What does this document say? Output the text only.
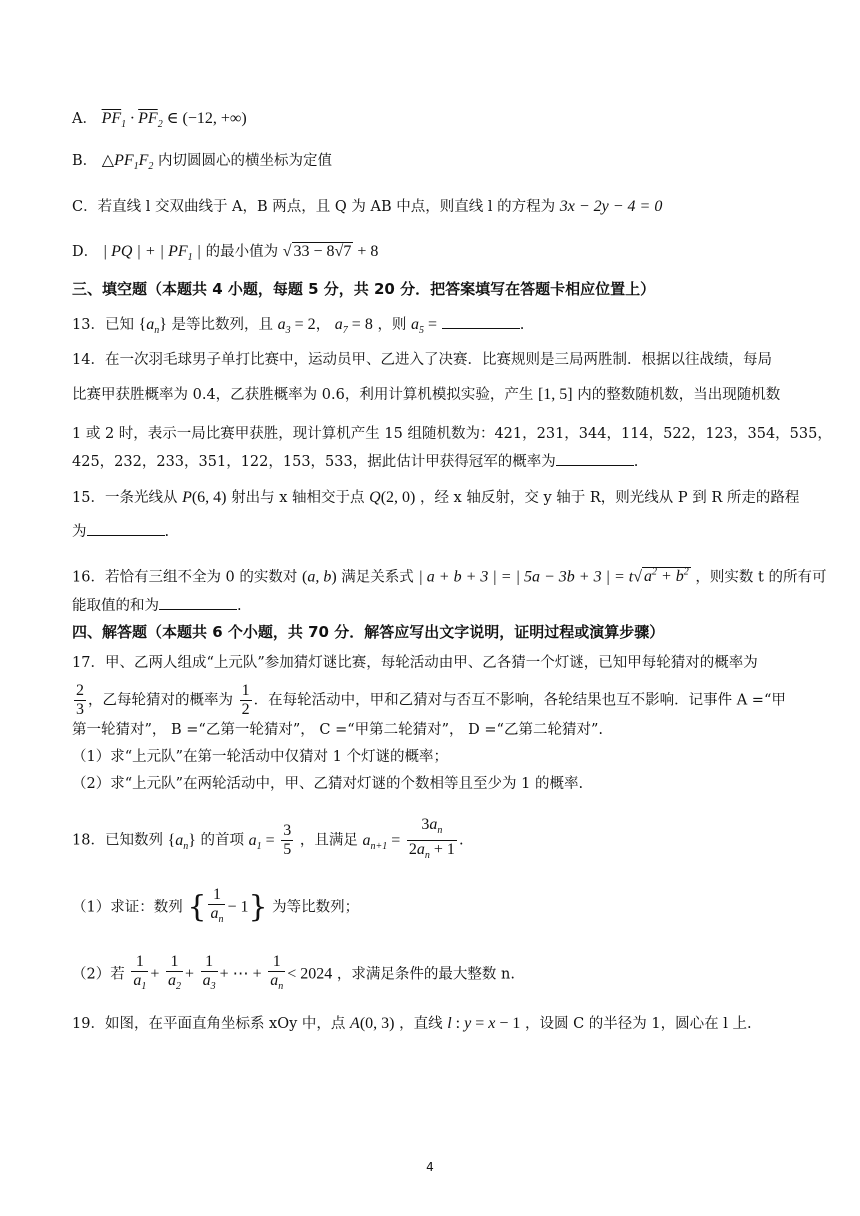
A． $\overline{PF}_1 \cdot \overline{PF}_2$ ∈ (−12, +∞)
B． $\triangle PF_1F_2$ 内切圆圆心的横坐标为定值
C．若直线 l 交双曲线于 A，B 两点，且 Q 为 AB 中点，则直线 l 的方程为 3x − 2y − 4 = 0
D． | PQ | + | $PF_1$ | 的最小值为 √ 33 − 8√7 + 8
三、填空题（本题共 4 小题，每题 5 分，共 20 分．把答案填写在答题卡相应位置上）
13．已知 $\{a_n\}$ 是等比数列，且 $a_3 = 2$， $a_7 = 8$ ，则 $a_5$ =	.
14．在一次羽毛球男子单打比赛中，运动员甲、乙进入了决赛．比赛规则是三局两胜制．根据以往战绩，每局
比赛甲获胜概率为 0.4，乙获胜概率为 0.6，利用计算机模拟实验，产生 [1, 5] 内的整数随机数，当出现随机数
1 或 2 时，表示一局比赛甲获胜，现计算机产生 15 组随机数为：421，231，344，114，522，123，354，535，
425，232，233，351，122，153，533，据此估计甲获得冠军的概率为	.
15．一条光线从 P(6, 4) 射出与 x 轴相交于点 Q(2, 0) ，经 x 轴反射，交 y 轴于 R，则光线从 P 到 R 所走的路程
为	.
16．若恰有三组不全为 0 的实数对 (a, b) 满足关系式 | a + b + 3 | = | 5a − 3b + 3 | = t√ $a^2 + b^2$ ，则实数 t 的所有可
能取值的和为	.
四、解答题（本题共 6 个小题，共 70 分．解答应写出文字说明，证明过程或演算步骤）
17．甲、乙两人组成“上元队”参加猜灯谜比赛，每轮活动由甲、乙各猜一个灯谜，已知甲每轮猜对的概率为
$\frac{2}{3}$ ，乙每轮猜对的概率为 $\frac{1}{2}$ ．在每轮活动中，甲和乙猜对与否互不影响，各轮结果也互不影响．记事件 A =“甲
第一轮猜对”， B =“乙第一轮猜对”， C =“甲第二轮猜对”， D =“乙第二轮猜对”.
（1）求“上元队”在第一轮活动中仅猜对 1 个灯谜的概率；
（2）求“上元队”在两轮活动中，甲、乙猜对灯谜的个数相等且至少为 1 的概率.
18．已知数列 $\{a_n\}$ 的首项 $a_1 = \frac{3}{5}$ ，且满足 $a_{n+1} = \frac{3a_n}{2a_n + 1}$ .
（1）求证：数列 { $\frac{1}{a_n} - 1$} 为等比数列；
（2）若 $\frac{1}{a_1} + \frac{1}{a_2} + \frac{1}{a_3}$ + ⋯ + $\frac{1}{a_n} < 2024$ ，求满足条件的最大整数 n.
19．如图，在平面直角坐标系 xOy 中，点 A(0, 3) ，直线 l : y = x − 1 ，设圆 C 的半径为 1，圆心在 l 上.
4
